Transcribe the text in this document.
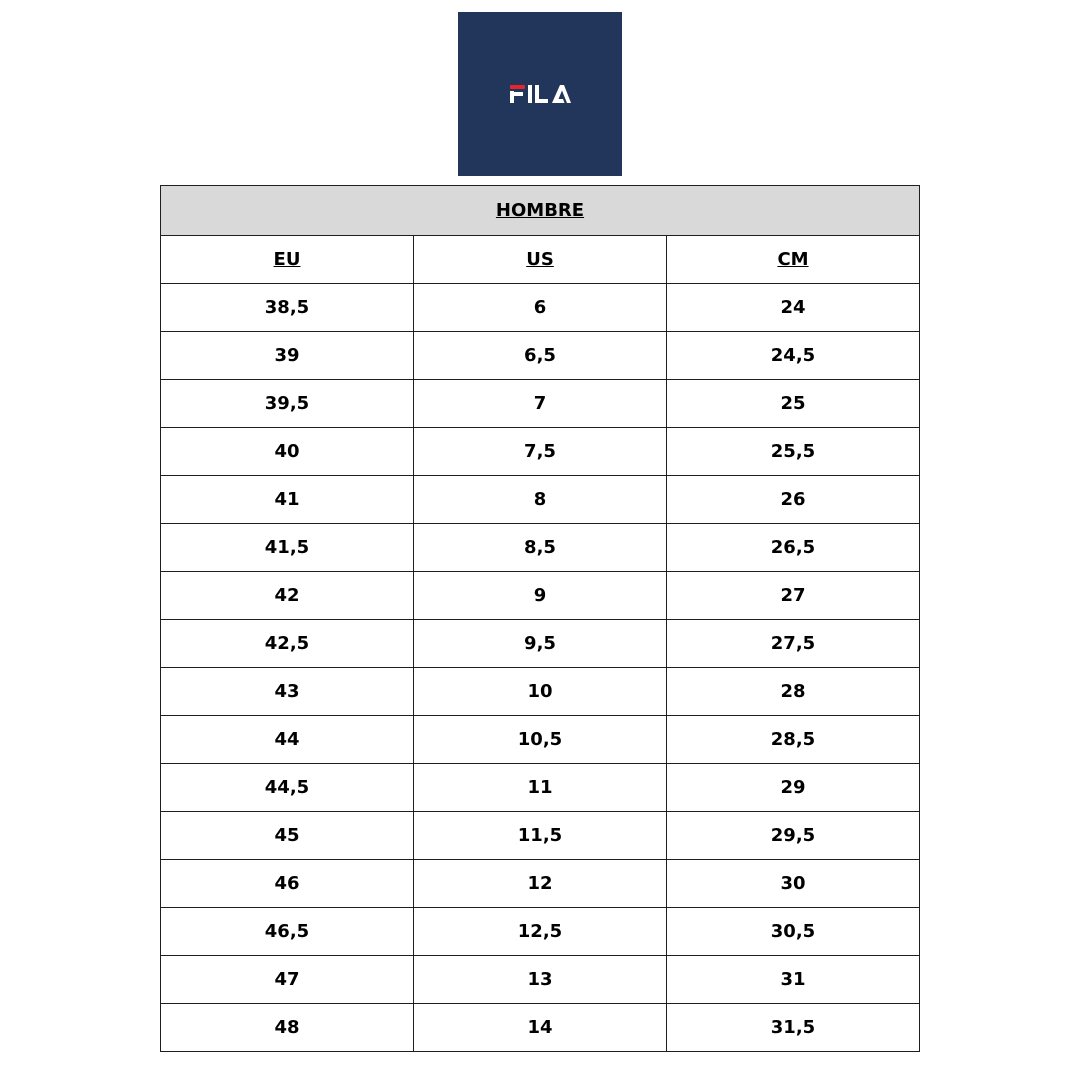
HOMBRE		
EU	US	CM
38,5	6	24
39	6,5	24,5
39,5	7	25
40	7,5	25,5
41	8	26
41,5	8,5	26,5
42	9	27
42,5	9,5	27,5
43	10	28
44	10,5	28,5
44,5	11	29
45	11,5	29,5
46	12	30
46,5	12,5	30,5
47	13	31
48	14	31,5
